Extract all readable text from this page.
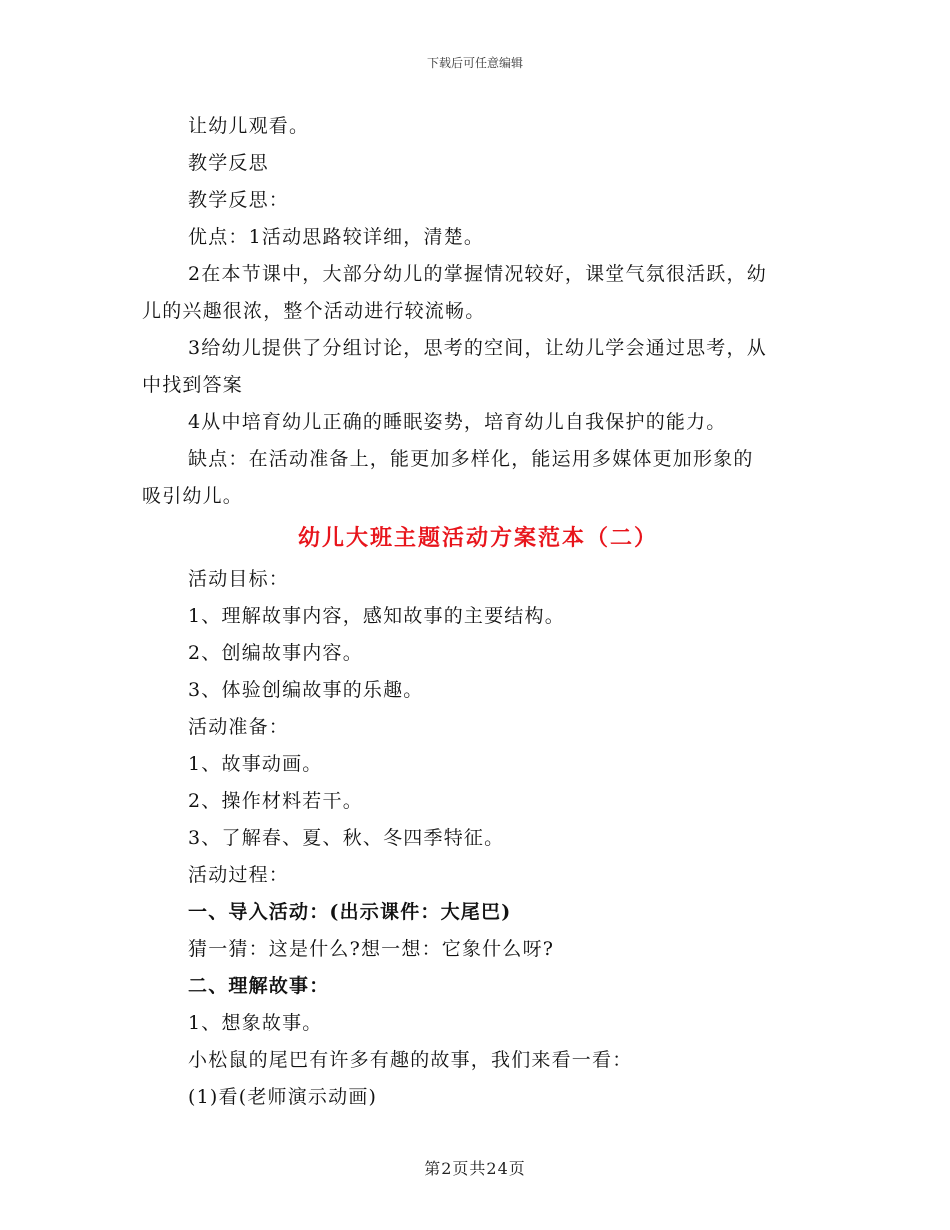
下载后可任意编辑
让幼儿观看。
教学反思
教学反思：
优点：1活动思路较详细，清楚。
2在本节课中，大部分幼儿的掌握情况较好，课堂气氛很活跃，幼
儿的兴趣很浓，整个活动进行较流畅。
3给幼儿提供了分组讨论，思考的空间，让幼儿学会通过思考，从
中找到答案
4从中培育幼儿正确的睡眠姿势，培育幼儿自我保护的能力。
缺点：在活动准备上，能更加多样化，能运用多媒体更加形象的
吸引幼儿。
幼儿大班主题活动方案范本（二）
活动目标：
1、理解故事内容，感知故事的主要结构。
2、创编故事内容。
3、体验创编故事的乐趣。
活动准备：
1、故事动画。
2、操作材料若干。
3、了解春、夏、秋、冬四季特征。
活动过程：
一、导入活动：(出示课件：大尾巴)
猜一猜：这是什么?想一想：它象什么呀?
二、理解故事：
1、想象故事。
小松鼠的尾巴有许多有趣的故事，我们来看一看：
(1)看(老师演示动画)
第2页共24页
